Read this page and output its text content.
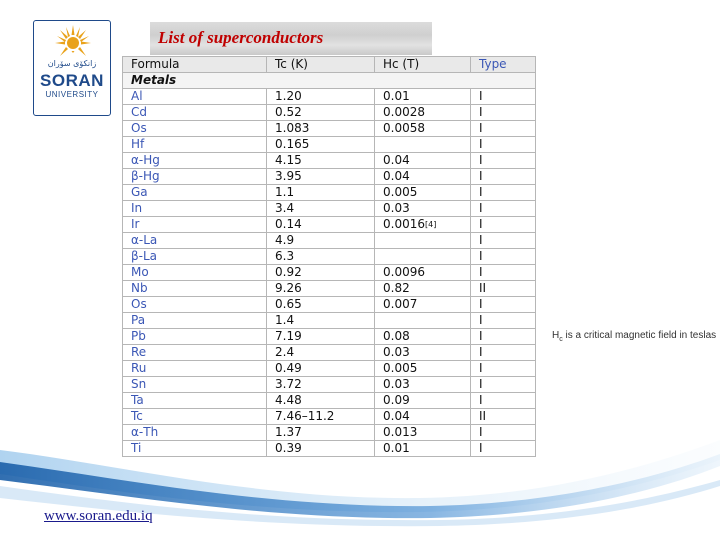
زانکۆی سۆران
SORAN
UNIVERSITY
List of superconductors
Formula	Tc (K)	Hc (T)	Type
Metals			
Al	1.20	0.01	I
Cd	0.52	0.0028	I
Os	1.083	0.0058	I
Hf	0.165		I
α-Hg	4.15	0.04	I
β-Hg	3.95	0.04	I
Ga	1.1	0.005	I
In	3.4	0.03	I
Ir	0.14	0.0016[4]	I
α-La	4.9		I
β-La	6.3		I
Mo	0.92	0.0096	I
Nb	9.26	0.82	II
Os	0.65	0.007	I
Pa	1.4		I
Pb	7.19	0.08	I
Re	2.4	0.03	I
Ru	0.49	0.005	I
Sn	3.72	0.03	I
Ta	4.48	0.09	I
Tc	7.46–11.2	0.04	II
α-Th	1.37	0.013	I
Ti	0.39	0.01	I
$H_c$ is a critical magnetic field in teslas
www.soran.edu.iq
